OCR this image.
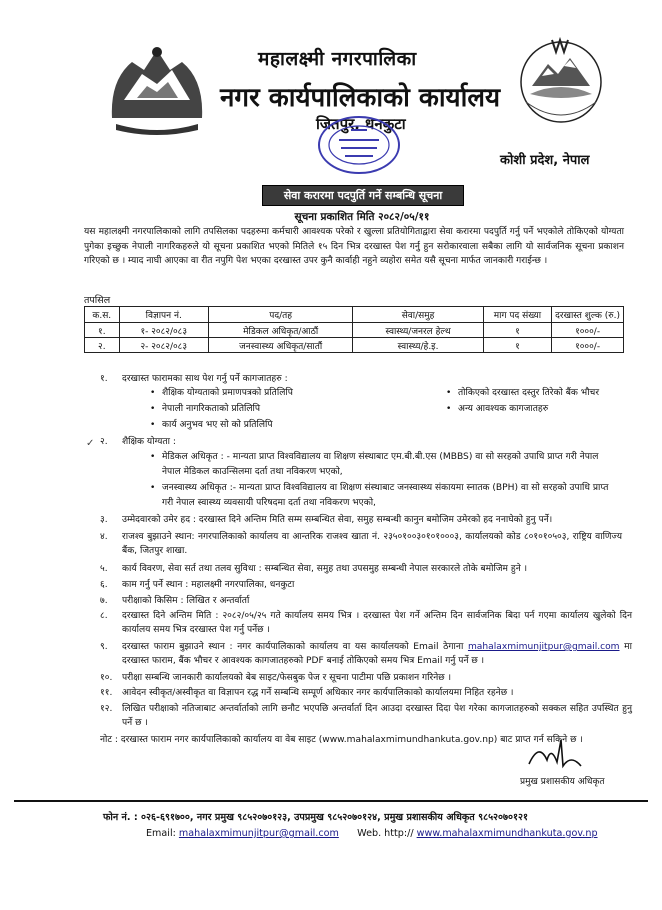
महालक्ष्मी नगरपालिका
नगर कार्यपालिकाको कार्यालय
जितपुर, धनकुटा
कोशी प्रदेश, नेपाल
सेवा करारमा पदपुर्ति गर्ने सम्बन्धि सूचना
सूचना प्रकाशित मिति २०८२/०५/११
यस महालक्ष्मी नगरपालिकाको लागि तपसिलका पदहरुमा कर्मचारी आवश्यक परेको र खुल्ला प्रतियोगिताद्वारा सेवा करारमा पदपुर्ति गर्नु पर्ने भएकोले तोकिएको योग्यता पुगेका इच्छुक नेपाली नागरिकहरुले यो सूचना प्रकाशित भएको मितिले १५ दिन भित्र दरखास्त पेश गर्नु हुन सरोकारवाला सबैका लागि यो सार्वजनिक सूचना प्रकाशन गरिएको छ । म्याद नाघी आएका वा रीत नपुगि पेश भएका दरखास्त उपर कुनै कार्वाही नहुने व्यहोरा समेत यसै सूचना मार्फत जानकारी गराईन्छ ।
तपसिल
क.स.	विज्ञापन नं.	पद/तह	सेवा/समुह	माग पद संख्या	दरखास्त शुल्क (रु.)
१.	१- २०८२/०८३	मेडिकल अधिकृत/आठौं	स्वास्थ्य/जनरल हेल्थ	१	१०००/-
२.	२- २०८२/०८३	जनस्वास्थ्य अधिकृत/सातौं	स्वास्थ्य/हे.इ.	१	१०००/-
१.	दरखास्त फारामका साथ पेश गर्नु पर्ने कागजातहरु :
• शैक्षिक योग्यताको प्रमाणपत्रको प्रतिलिपि
• नेपाली नागरिकताको प्रतिलिपि
• कार्य अनुभव भए सो को प्रतिलिपि
• तोकिएको दरखास्त दस्तुर तिरेको बैंक भौचर
• अन्य आवश्यक कागजातहरु
✓ २.	शैक्षिक योग्यता :
• मेडिकल अधिकृत : - मान्यता प्राप्त विश्वविद्यालय वा शिक्षण संस्थाबाट एम.बी.बी.एस (MBBS) वा सो सरहको उपाधि प्राप्त गरी नेपाल नेपाल मेडिकल काउन्सिलमा दर्ता तथा नविकरण भएको,
• जनस्वास्थ्य अधिकृत :- मान्यता प्राप्त विश्वविद्यालय वा शिक्षण संस्थाबाट जनस्वास्थ्य संकायमा स्नातक (BPH) वा सो सरहको उपाधि प्राप्त गरी नेपाल स्वास्थ्य व्यवसायी परिषदमा दर्ता तथा नविकरण भएको,
३.	उम्मेदवारको उमेर हद : दरखास्त दिने अन्तिम मिति सम्म सम्बन्धित सेवा, समुह सम्बन्धी कानुन बमोजिम उमेरको हद ननाघेको हुनु पर्ने।
४.	राजश्व बुझाउने स्थान: नगरपालिकाको कार्यालय वा आन्तरिक राजश्व खाता नं. २३५०१००३०१०१०००३, कार्यालयको कोड ८०१०१०५०३, राष्ट्रिय वाणिज्य बैंक, जितपुर शाखा.
५.	कार्य विवरण, सेवा सर्त तथा तलव सुविधा : सम्बन्धित सेवा, समुह तथा उपसमुह सम्बन्धी नेपाल सरकारले तोके बमोजिम हुने ।
६.	काम गर्नु पर्ने स्थान : महालक्ष्मी नगरपालिका, धनकुटा
७.	परीक्षाको किसिम : लिखित र अन्तर्वार्ता
८.	दरखास्त दिने अन्तिम मिति : २०८२/०५/२५ गते कार्यालय समय भित्र । दरखास्त पेश गर्ने अन्तिम दिन सार्वजनिक बिदा पर्न गएमा कार्यालय खुलेको दिन कार्यालय समय भित्र दरखास्त पेश गर्नु पर्नेछ ।
९.	दरखास्त फाराम बुझाउने स्थान : नगर कार्यपालिकाको कार्यालय वा यस कार्यालयको Email ठेगाना mahalaxmimunjitpur@gmail.com मा दरखास्त फाराम, बैंक भौचर र आवश्यक कागजातहरुको PDF बनाई तोकिएको समय भित्र Email गर्नु पर्ने छ ।
१०.	परीक्षा सम्बन्धि जानकारी कार्यालयको बेब साइट/फेसबुक पेज र सूचना पाटीमा पछि प्रकाशन गरिनेछ ।
११.	आवेदन स्वीकृत/अस्वीकृत वा विज्ञापन रद्ध गर्ने सम्बन्धि सम्पूर्ण अधिकार नगर कार्यपालिकाको कार्यालयमा निहित रहनेछ ।
१२.	लिखित परीक्षाको नतिजाबाट अन्तर्वार्ताको लागि छनौट भएपछि अन्तर्वार्ता दिन आउदा दरखास्त दिदा पेश गरेका कागजातहरुको सक्कल सहित उपस्थित हुनु पर्ने छ ।
नोट : दरखास्त फाराम नगर कार्यपालिकाको कार्यालय वा वेब साइट (www.mahalaxmimundhankuta.gov.np) बाट प्राप्त गर्न सकिने छ ।
प्रमुख प्रशासकीय अधिकृत
फोन नं. : ०२६-६९१७००, नगर प्रमुख ९८५२०७०१२३, उपप्रमुख ९८५२०७०१२४, प्रमुख प्रशासकीय अधिकृत ९८५२०७०१२१
Email: mahalaxmimunjitpur@gmail.com Web. http:// www.mahalaxmimundhankuta.gov.np
